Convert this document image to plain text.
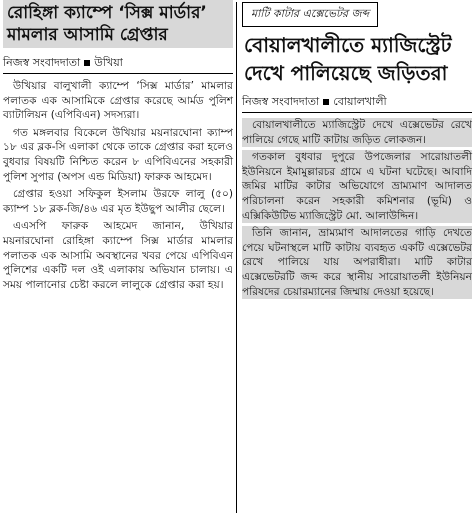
রোহিঙ্গা ক্যাম্পে ‘সিক্স মার্ডার’
মামলার আসামি গ্রেপ্তার
নিজস্ব সংবাদদাতা উখিয়া

উখিয়ার বালুখালী ক্যাম্পে ‘সিক্স মার্ডার’ মামলার পলাতক এক আসামিকে গ্রেপ্তার করেছে আর্মড পুলিশ ব্যাটালিয়ন (এপিবিএন) সদস্যরা।

গত মঙ্গলবার বিকেলে উখিয়ার ময়নারঘোনা ক্যাম্প ১৮ এর ব্লক-সি এলাকা থেকে তাকে গ্রেপ্তার করা হলেও বুধবার বিষয়টি নিশ্চিত করেন ৮ এপিবিএনের সহকারী পুলিশ সুপার (অপস এন্ড মিডিয়া) ফারুক আহমেদ।

গ্রেপ্তার হওয়া সফিকুল ইসলাম উরফে লালু (৫০) ক্যাম্প ১৮ ব্লক-জি/৪৬ এর মৃত ইউছুপ আলীর ছেলে।

এএসপি ফারুক আহমেদ জানান, উখিয়ার ময়নারঘোনা রোহিঙ্গা ক্যাম্পে সিক্স মার্ডার মামলার পলাতক এক আসামি অবস্থানের খবর পেয়ে এপিবিএন পুলিশের একটি দল ওই এলাকায় অভিযান চালায়। এ সময় পালানোর চেষ্টা করলে লালুকে গ্রেপ্তার করা হয়।

মাটি কাটার এক্সেভেটর জব্দ
বোয়ালখালীতে ম্যাজিস্ট্রেট
দেখে পালিয়েছে জড়িতরা
নিজস্ব সংবাদদাতা বোয়ালখালী

বোয়ালখালীতে ম্যাজিস্ট্রেট দেখে এক্সেভেটর রেখে পালিয়ে গেছে মাটি কাটায় জড়িত লোকজন।

গতকাল বুধবার দুপুরে উপজেলার সারোয়াতলী ইউনিয়নে ইমামুল্লারচর গ্রামে এ ঘটনা ঘটেছে। আবাদি জমির মাটির কাটার অভিযোগে ভ্রাম্যমাণ আদালত পরিচালনা করেন সহকারী কমিশনার (ভূমি) ও এক্সিকিউটিভ ম্যাজিস্ট্রেট মো. আলাউদ্দিন।

তিনি জানান, ভ্রাম্যমাণ আদালতের গাড়ি দেখতে পেয়ে ঘটনাস্থলে মাটি কাটায় ব্যবহৃত একটি এক্সেভেটর রেখে পালিয়ে যায় অপরাধীরা। মাটি কাটার এক্সেভেটরটি জব্দ করে স্থানীয় সারোয়াতলী ইউনিয়ন পরিষদের চেয়ারম্যানের জিম্মায় দেওয়া হয়েছে।
